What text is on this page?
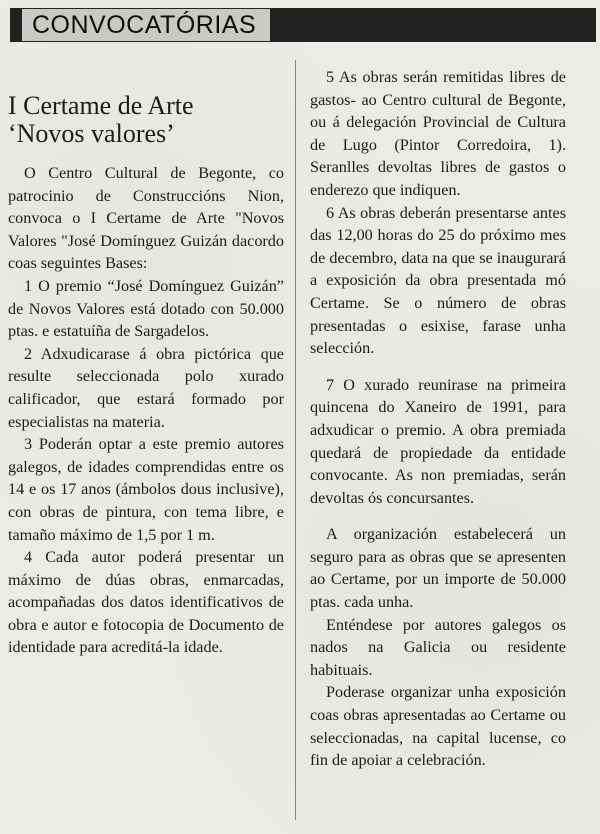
CONVOCATÓRIAS
I Certame de Arte
‘Novos valores’

O Centro Cultural de Begonte, co patrocinio de Construccións Nion, convoca o I Certame de Arte "Novos Valores "José Domínguez Guizán dacordo coas seguintes Bases:

1 O premio “José Domínguez Guizán” de Novos Valores está dotado con 50.000 ptas. e estatuíña de Sargadelos.

2 Adxudicarase á obra pictórica que resulte seleccionada polo xurado calificador, que estará formado por especialistas na materia.

3 Poderán optar a este premio autores galegos, de idades comprendidas entre os 14 e os 17 anos (ámbolos dous inclusive), con obras de pintura, con tema libre, e tamaño máximo de 1,5 por 1 m.

4 Cada autor poderá presentar un máximo de dúas obras, enmarcadas, acompañadas dos datos identificativos de obra e autor e fotocopia de Documento de identidade para acreditá-la idade.

5 As obras serán remitidas libres de gastos- ao Centro cultural de Begonte, ou á delegación Provincial de Cultura de Lugo (Pintor Corredoira, 1). Seranlles devoltas libres de gastos o enderezo que indiquen.

6 As obras deberán presentarse antes das 12,00 horas do 25 do próximo mes de decembro, data na que se inaugurará a exposición da obra presentada mó Certame. Se o número de obras presentadas o esixise, farase unha selección.

7 O xurado reunirase na primeira quincena do Xaneiro de 1991, para adxudicar o premio. A obra premiada quedará de propiedade da entidade convocante. As non premiadas, serán devoltas ós concursantes.

A organización estabelecerá un seguro para as obras que se apresenten ao Certame, por un importe de 50.000 ptas. cada unha.

Enténdese por autores galegos os nados na Galicia ou residente habituais.

Poderase organizar unha exposición coas obras apresentadas ao Certame ou seleccionadas, na capital lucense, co fin de apoiar a celebración.
